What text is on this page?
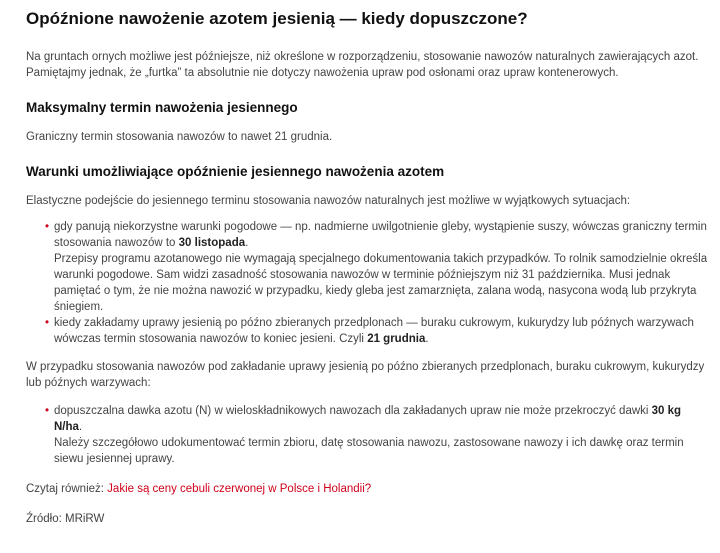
Opóźnione nawożenie azotem jesienią — kiedy dopuszczone?

Na gruntach ornych możliwe jest późniejsze, niż określone w rozporządzeniu, stosowanie nawozów naturalnych zawierających azot. Pamiętajmy jednak, że „furtka” ta absolutnie nie dotyczy nawożenia upraw pod osłonami oraz upraw kontenerowych.

Maksymalny termin nawożenia jesiennego

Graniczny termin stosowania nawozów to nawet 21 grudnia.

Warunki umożliwiające opóźnienie jesiennego nawożenia azotem

Elastyczne podejście do jesiennego terminu stosowania nawozów naturalnych jest możliwe w wyjątkowych sytuacjach:

• gdy panują niekorzystne warunki pogodowe — np. nadmierne uwilgotnienie gleby, wystąpienie suszy, wówczas graniczny termin stosowania nawozów to 30 listopada.
Przepisy programu azotanowego nie wymagają specjalnego dokumentowania takich przypadków. To rolnik samodzielnie określa warunki pogodowe. Sam widzi zasadność stosowania nawozów w terminie późniejszym niż 31 października. Musi jednak pamiętać o tym, że nie można nawozić w przypadku, kiedy gleba jest zamarznięta, zalana wodą, nasycona wodą lub przykryta śniegiem.
• kiedy zakładamy uprawy jesienią po późno zbieranych przedplonach — buraku cukrowym, kukurydzy lub późnych warzywach wówczas termin stosowania nawozów to koniec jesieni. Czyli 21 grudnia.

W przypadku stosowania nawozów pod zakładanie uprawy jesienią po późno zbieranych przedplonach, buraku cukrowym, kukurydzy lub późnych warzywach:

• dopuszczalna dawka azotu (N) w wieloskładnikowych nawozach dla zakładanych upraw nie może przekroczyć dawki 30 kg N/ha.
Należy szczegółowo udokumentować termin zbioru, datę stosowania nawozu, zastosowane nawozy i ich dawkę oraz termin siewu jesiennej uprawy.

Czytaj również: Jakie są ceny cebuli czerwonej w Polsce i Holandii?

Źródło: MRiRW
